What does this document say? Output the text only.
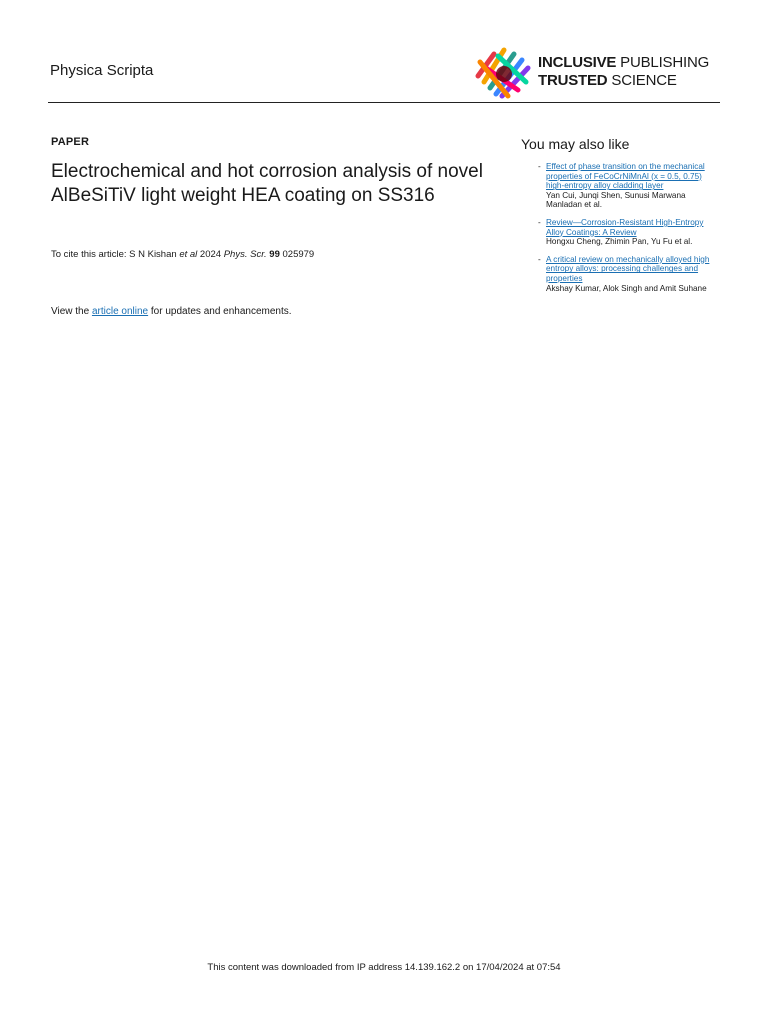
Physica Scripta	INCLUSIVE PUBLISHING
TRUSTED SCIENCE
PAPER
Electrochemical and hot corrosion analysis of novel AlBeSiTiV light weight HEA coating on SS316
To cite this article: S N Kishan et al 2024 Phys. Scr. 99 025979
View the article online for updates and enhancements.
You may also like
- Effect of phase transition on the mechanical properties of FeCoCrNiMnAl (x = 0.5, 0.75) high-entropy alloy cladding layer
Yan Cui, Junqi Shen, Sunusi Marwana Manladan et al.
- Review—Corrosion-Resistant High-Entropy Alloy Coatings: A Review
Hongxu Cheng, Zhimin Pan, Yu Fu et al.
- A critical review on mechanically alloyed high entropy alloys: processing challenges and properties
Akshay Kumar, Alok Singh and Amit Suhane
This content was downloaded from IP address 14.139.162.2 on 17/04/2024 at 07:54
